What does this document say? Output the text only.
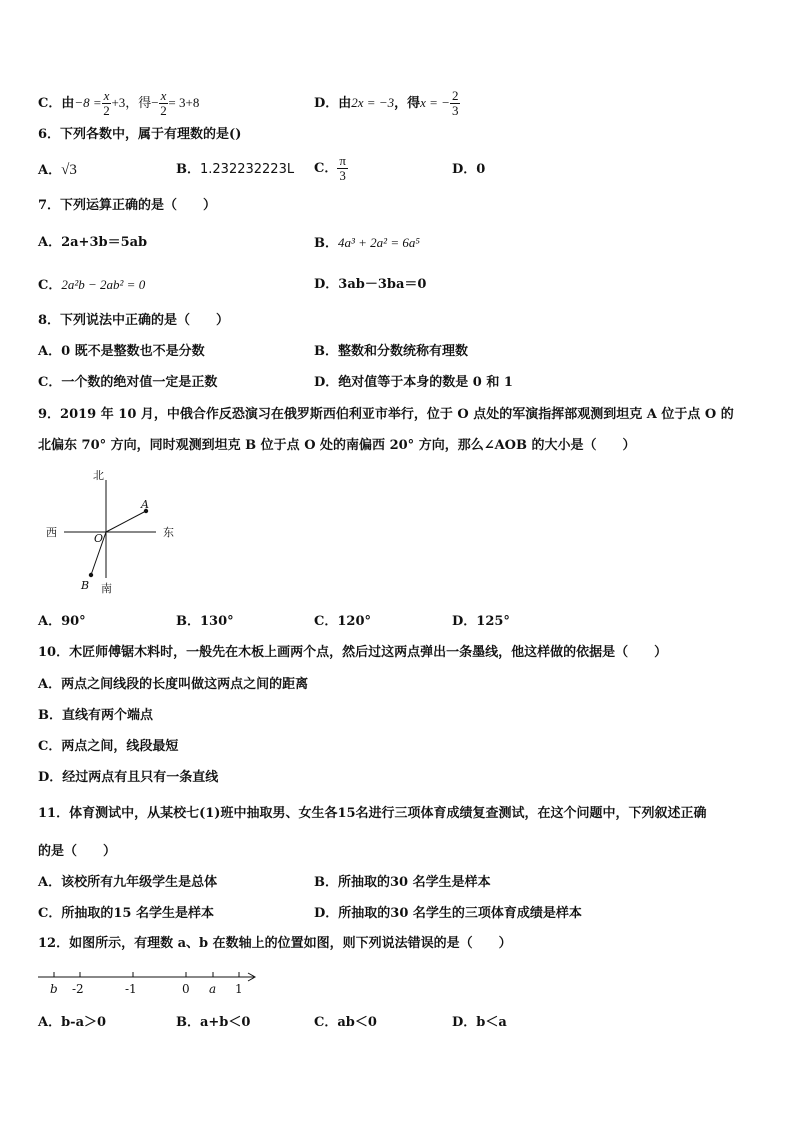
C．由$-8 = \frac{x}{2} +3$，得− $\frac{x}{2} = 3+8$	D．由2x = −3，得x = − $\frac{2}{3}$
6．下列各数中，属于有理数的是()
A．√3	B．1.232232223L C． $\frac{\pi}{3}$	D．0
7．下列运算正确的是（　　）
A．2a+3b＝5ab	B．4a³ + 2a² = 6a⁵
C．2a²b − 2ab² = 0	D．3ab－3ba＝0
8．下列说法中正确的是（　　）
A．0 既不是整数也不是分数	B．整数和分数统称有理数
C．一个数的绝对值一定是正数	D．绝对值等于本身的数是 0 和 1
9．2019 年 10 月，中俄合作反恐演习在俄罗斯西伯利亚市举行，位于 O 点处的军演指挥部观测到坦克 A 位于点 O 的
北偏东 70° 方向，同时观测到坦克 B 位于点 O 处的南偏西 20° 方向，那么∠AOB 的大小是（　　）
北
南
东
西	O
A
B
A．90°	B．130°	C．120°	D．125°
10．木匠师傅锯木料时，一般先在木板上画两个点，然后过这两点弹出一条墨线，他这样做的依据是（　　）
A．两点之间线段的长度叫做这两点之间的距离
B．直线有两个端点
C．两点之间，线段最短
D．经过两点有且只有一条直线
11．体育测试中，从某校七(1)班中抽取男、女生各15名进行三项体育成绩复查测试，在这个问题中，下列叙述正确
的是（　　）
A．该校所有九年级学生是总体	B．所抽取的30 名学生是样本
C．所抽取的15 名学生是样本	D．所抽取的30 名学生的三项体育成绩是样本
12．如图所示，有理数 a、b 在数轴上的位置如图，则下列说法错误的是（　　）
b -2	-1	0 a 1
A．b-a＞0	B．a+b＜0	C．ab＜0	D．b＜a
